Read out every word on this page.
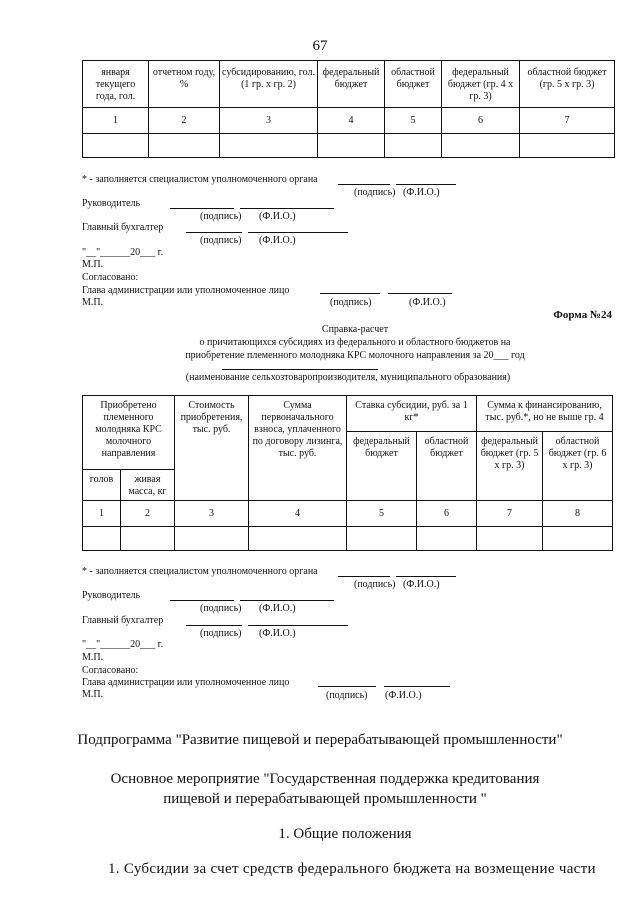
67
января текущего года, гол.	отчетном году, %	субсидированию, гол. (1 гр. x гр. 2)	федеральный бюджет	областной бюджет	федеральный бюджет (гр. 4 x гр. 3)	областной бюджет (гр. 5 x гр. 3)
1	2	3	4	5	6	7

* - заполняется специалистом уполномоченного органа
(подпись)   (Ф.И.О.)
Руководитель
(подпись)       (Ф.И.О.)
Главный бухгалтер
(подпись)       (Ф.И.О.)
"__"______20___ г.
М.П.
Согласовано:
Глава администрации или уполномоченное лицо
М.П.	(подпись)               (Ф.И.О.)
Форма №24
Справка-расчет
о причитающихся субсидиях из федерального и областного бюджетов на
приобретение племенного молодняка КРС молочного направления за 20___ год
(наименование сельхозтоваропроизводителя, муниципального образования)
Приобретено племенного молодняка КРС молочного направления		Стоимость приобретения, тыс. руб.	Сумма первоначального взноса, уплаченного по договору лизинга, тыс. руб.	Ставка субсидии, руб. за 1 кг*		Сумма к финансированию, тыс. руб.*, но не выше гр. 4	
				федеральный бюджет	областной бюджет	федеральный бюджет (гр. 5 x гр. 3)	областной бюджет (гр. 6 x гр. 3)
голов	живая масса, кг						
1	2	3	4	5	6	7	8

* - заполняется специалистом уполномоченного органа
(подпись)   (Ф.И.О.)
Руководитель
(подпись)       (Ф.И.О.)
Главный бухгалтер
(подпись)       (Ф.И.О.)
"__"______20___ г.
М.П.
Согласовано:
Глава администрации или уполномоченное лицо
М.П.	(подпись)       (Ф.И.О.)
Подпрограмма "Развитие пищевой и перерабатывающей промышленности"
Основное мероприятие "Государственная поддержка кредитования
пищевой и перерабатывающей промышленности "
1. Общие положения
1. Субсидии за счет средств федерального бюджета на возмещение части
